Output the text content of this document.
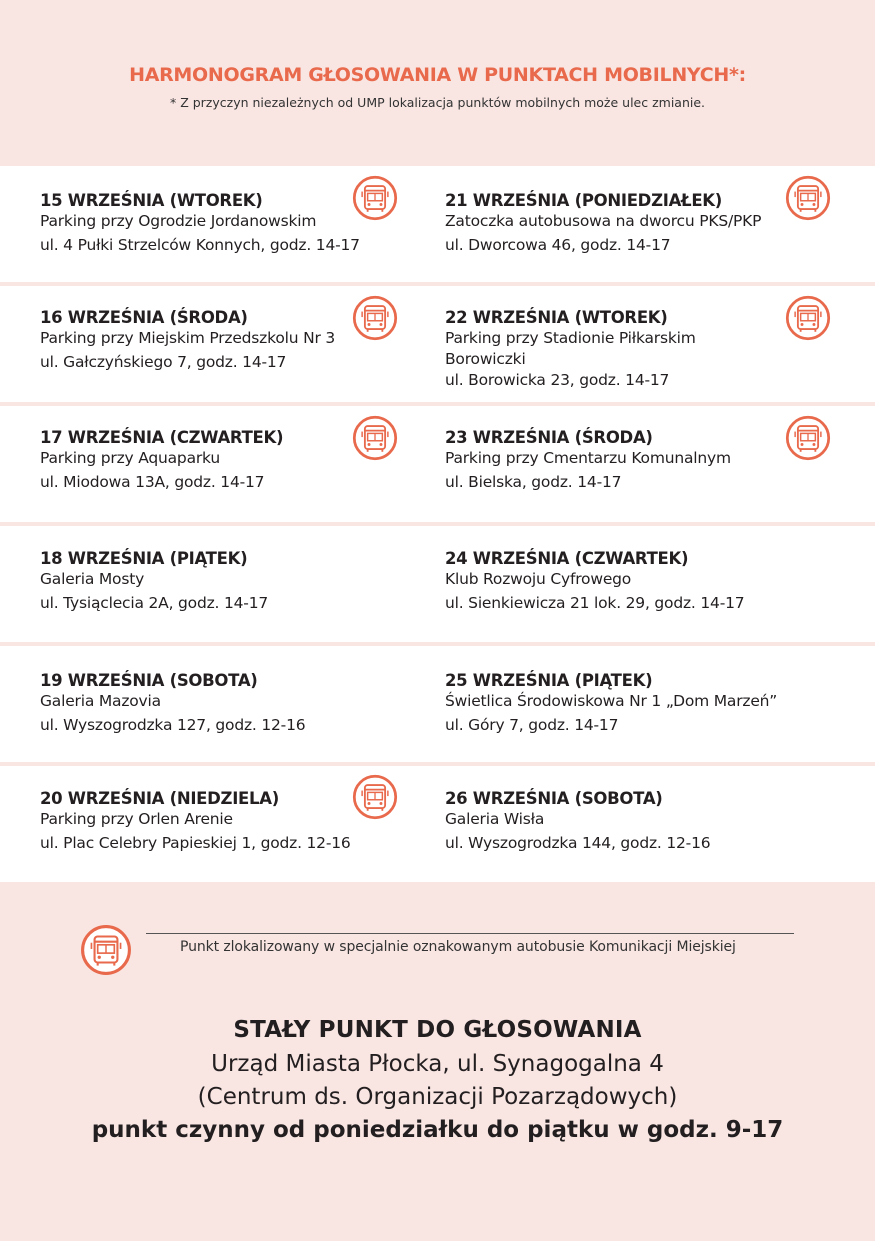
HARMONOGRAM GŁOSOWANIA W PUNKTACH MOBILNYCH*:
* Z przyczyn niezależnych od UMP lokalizacja punktów mobilnych może ulec zmianie.
15 WRZEŚNIA (WTOREK)
Parking przy Ogrodzie Jordanowskim
ul. 4 Pułki Strzelców Konnych, godz. 14-17
21 WRZEŚNIA (PONIEDZIAŁEK)
Zatoczka autobusowa na dworcu PKS/PKP
ul. Dworcowa 46, godz. 14-17
16 WRZEŚNIA (ŚRODA)
Parking przy Miejskim Przedszkolu Nr 3
ul. Gałczyńskiego 7, godz. 14-17
22 WRZEŚNIA (WTOREK)
Parking przy Stadionie Piłkarskim
Borowiczki
ul. Borowicka 23, godz. 14-17
17 WRZEŚNIA (CZWARTEK)
Parking przy Aquaparku
ul. Miodowa 13A, godz. 14-17
23 WRZEŚNIA (ŚRODA)
Parking przy Cmentarzu Komunalnym
ul. Bielska, godz. 14-17
18 WRZEŚNIA (PIĄTEK)
Galeria Mosty
ul. Tysiąclecia 2A, godz. 14-17
24 WRZEŚNIA (CZWARTEK)
Klub Rozwoju Cyfrowego
ul. Sienkiewicza 21 lok. 29, godz. 14-17
19 WRZEŚNIA (SOBOTA)
Galeria Mazovia
ul. Wyszogrodzka 127, godz. 12-16
25 WRZEŚNIA (PIĄTEK)
Świetlica Środowiskowa Nr 1 „Dom Marzeń”
ul. Góry 7, godz. 14-17
20 WRZEŚNIA (NIEDZIELA)
Parking przy Orlen Arenie
ul. Plac Celebry Papieskiej 1, godz. 12-16
26 WRZEŚNIA (SOBOTA)
Galeria Wisła
ul. Wyszogrodzka 144, godz. 12-16
Punkt zlokalizowany w specjalnie oznakowanym autobusie Komunikacji Miejskiej
STAŁY PUNKT DO GŁOSOWANIA
Urząd Miasta Płocka, ul. Synagogalna 4
(Centrum ds. Organizacji Pozarządowych)
punkt czynny od poniedziałku do piątku w godz. 9-17
